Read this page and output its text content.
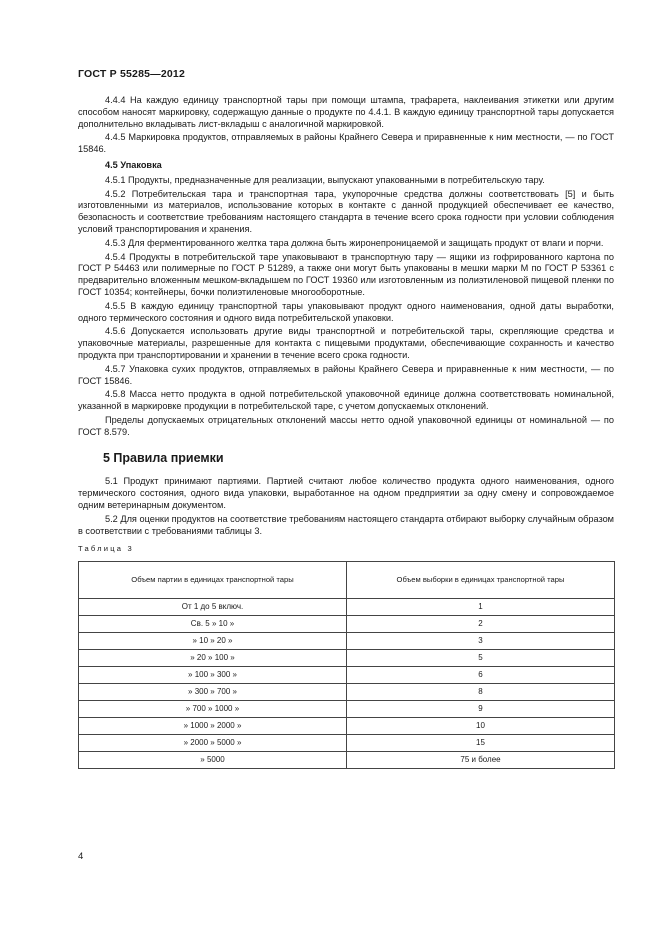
ГОСТ Р 55285—2012

4.4.4 На каждую единицу транспортной тары при помощи штампа, трафарета, наклеивания этикетки или другим способом наносят маркировку, содержащую данные о продукте по 4.4.1. В каждую единицу транспортной тары допускается дополнительно вкладывать лист-вкладыш с аналогичной маркировкой.

4.4.5 Маркировка продуктов, отправляемых в районы Крайнего Севера и приравненные к ним местности, — по ГОСТ 15846.

4.5 Упаковка

4.5.1 Продукты, предназначенные для реализации, выпускают упакованными в потребительскую тару.

4.5.2 Потребительская тара и транспортная тара, укупорочные средства должны соответствовать [5] и быть изготовленными из материалов, использование которых в контакте с данной продукцией обеспечивает ее качество, безопасность и соответствие требованиям настоящего стандарта в течение всего срока годности при условии соблюдения условий транспортирования и хранения.

4.5.3 Для ферментированного желтка тара должна быть жиронепроницаемой и защищать продукт от влаги и порчи.

4.5.4 Продукты в потребительской таре упаковывают в транспортную тару — ящики из гофрированного картона по ГОСТ Р 54463 или полимерные по ГОСТ Р 51289, а также они могут быть упакованы в мешки марки М по ГОСТ Р 53361 с предварительно вложенным мешком-вкладышем по ГОСТ 19360 или изготовленным из полиэтиленовой пищевой пленки по ГОСТ 10354; контейнеры, бочки полиэтиленовые многооборотные.

4.5.5 В каждую единицу транспортной тары упаковывают продукт одного наименования, одной даты выработки, одного термического состояния и одного вида потребительской упаковки.

4.5.6 Допускается использовать другие виды транспортной и потребительской тары, скрепляющие средства и упаковочные материалы, разрешенные для контакта с пищевыми продуктами, обеспечивающие сохранность и качество продукта при транспортировании и хранении в течение всего срока годности.

4.5.7 Упаковка сухих продуктов, отправляемых в районы Крайнего Севера и приравненные к ним местности, — по ГОСТ 15846.

4.5.8 Масса нетто продукта в одной потребительской упаковочной единице должна соответствовать номинальной, указанной в маркировке продукции в потребительской таре, с учетом допускаемых отклонений.

Пределы допускаемых отрицательных отклонений массы нетто одной упаковочной единицы от номинальной — по ГОСТ 8.579.

5 Правила приемки

5.1 Продукт принимают партиями. Партией считают любое количество продукта одного наименования, одного термического состояния, одного вида упаковки, выработанное на одном предприятии за одну смену и сопровождаемое одним ветеринарным документом.

5.2 Для оценки продуктов на соответствие требованиям настоящего стандарта отбирают выборку случайным образом в соответствии с требованиями таблицы 3.

Таблица 3
Объем партии в единицах транспортной тары	Объем выборки в единицах транспортной тары
От 1 до 5 включ.	1
Св. 5 » 10 »	2
» 10 » 20 »	3
» 20 » 100 »	5
» 100 » 300 »	6
» 300 » 700 »	8
» 700 » 1000 »	9
» 1000 » 2000 »	10
» 2000 » 5000 »	15
» 5000	75 и более
4
